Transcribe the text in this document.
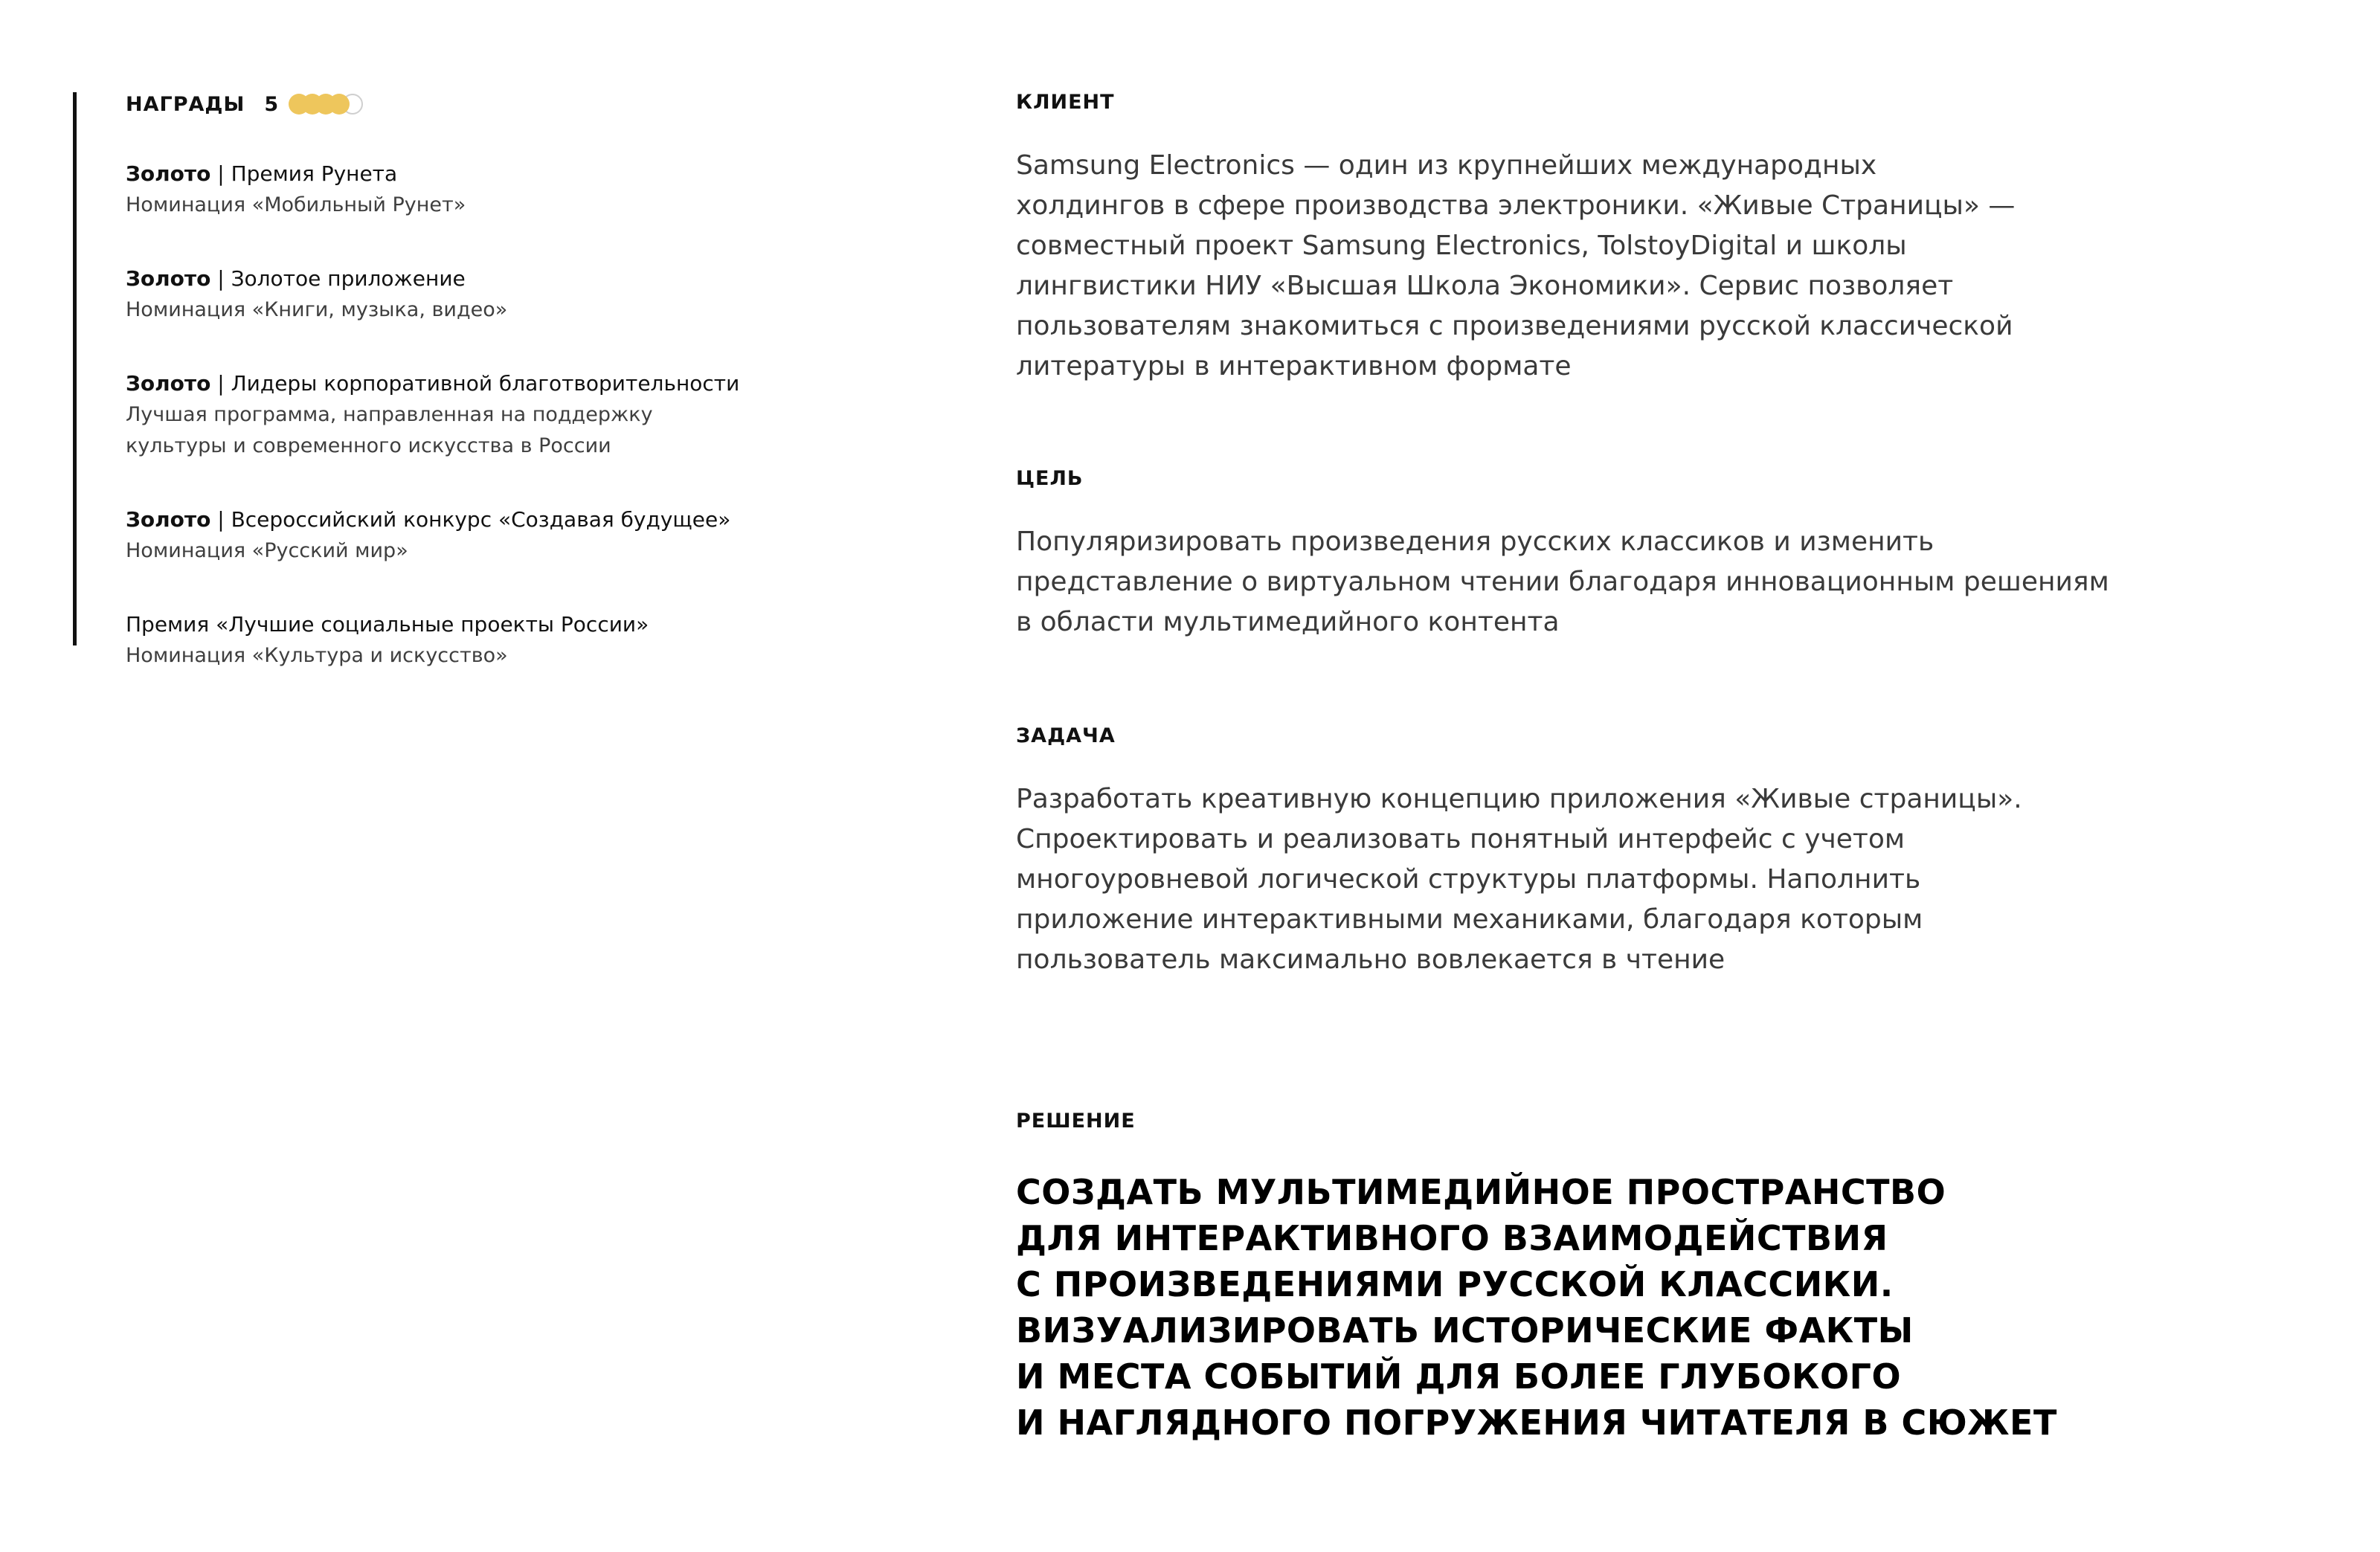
НАГРАДЫ 5
Золото | Премия Рунета
Номинация «Мобильный Рунет»
Золото | Золотое приложение
Номинация «Книги, музыка, видео»
Золото | Лидеры корпоративной благотворительности
Лучшая программа, направленная на поддержку
культуры и современного искусства в России
Золото | Всероссийский конкурс «Создавая будущее»
Номинация «Русский мир»
Премия «Лучшие социальные проекты России»
Номинация «Культура и искусство»
КЛИЕНТ
Samsung Electronics — один из крупнейших международных
холдингов в сфере производства электроники. «Живые Страницы» —
совместный проект Samsung Electronics, TolstoyDigital и школы
лингвистики НИУ «Высшая Школа Экономики». Сервис позволяет
пользователям знакомиться с произведениями русской классической
литературы в интерактивном формате
ЦЕЛЬ
Популяризировать произведения русских классиков и изменить
представление о виртуальном чтении благодаря инновационным решениям
в области мультимедийного контента
ЗАДАЧА
Разработать креативную концепцию приложения «Живые страницы».
Спроектировать и реализовать понятный интерфейс с учетом
многоуровневой логической структуры платформы. Наполнить
приложение интерактивными механиками, благодаря которым
пользователь максимально вовлекается в чтение
РЕШЕНИЕ
СОЗДАТЬ МУЛЬТИМЕДИЙНОЕ ПРОСТРАНСТВО
ДЛЯ ИНТЕРАКТИВНОГО ВЗАИМОДЕЙСТВИЯ
С ПРОИЗВЕДЕНИЯМИ РУССКОЙ КЛАССИКИ.
ВИЗУАЛИЗИРОВАТЬ ИСТОРИЧЕСКИЕ ФАКТЫ
И МЕСТА СОБЫТИЙ ДЛЯ БОЛЕЕ ГЛУБОКОГО
И НАГЛЯДНОГО ПОГРУЖЕНИЯ ЧИТАТЕЛЯ В СЮЖЕТ
